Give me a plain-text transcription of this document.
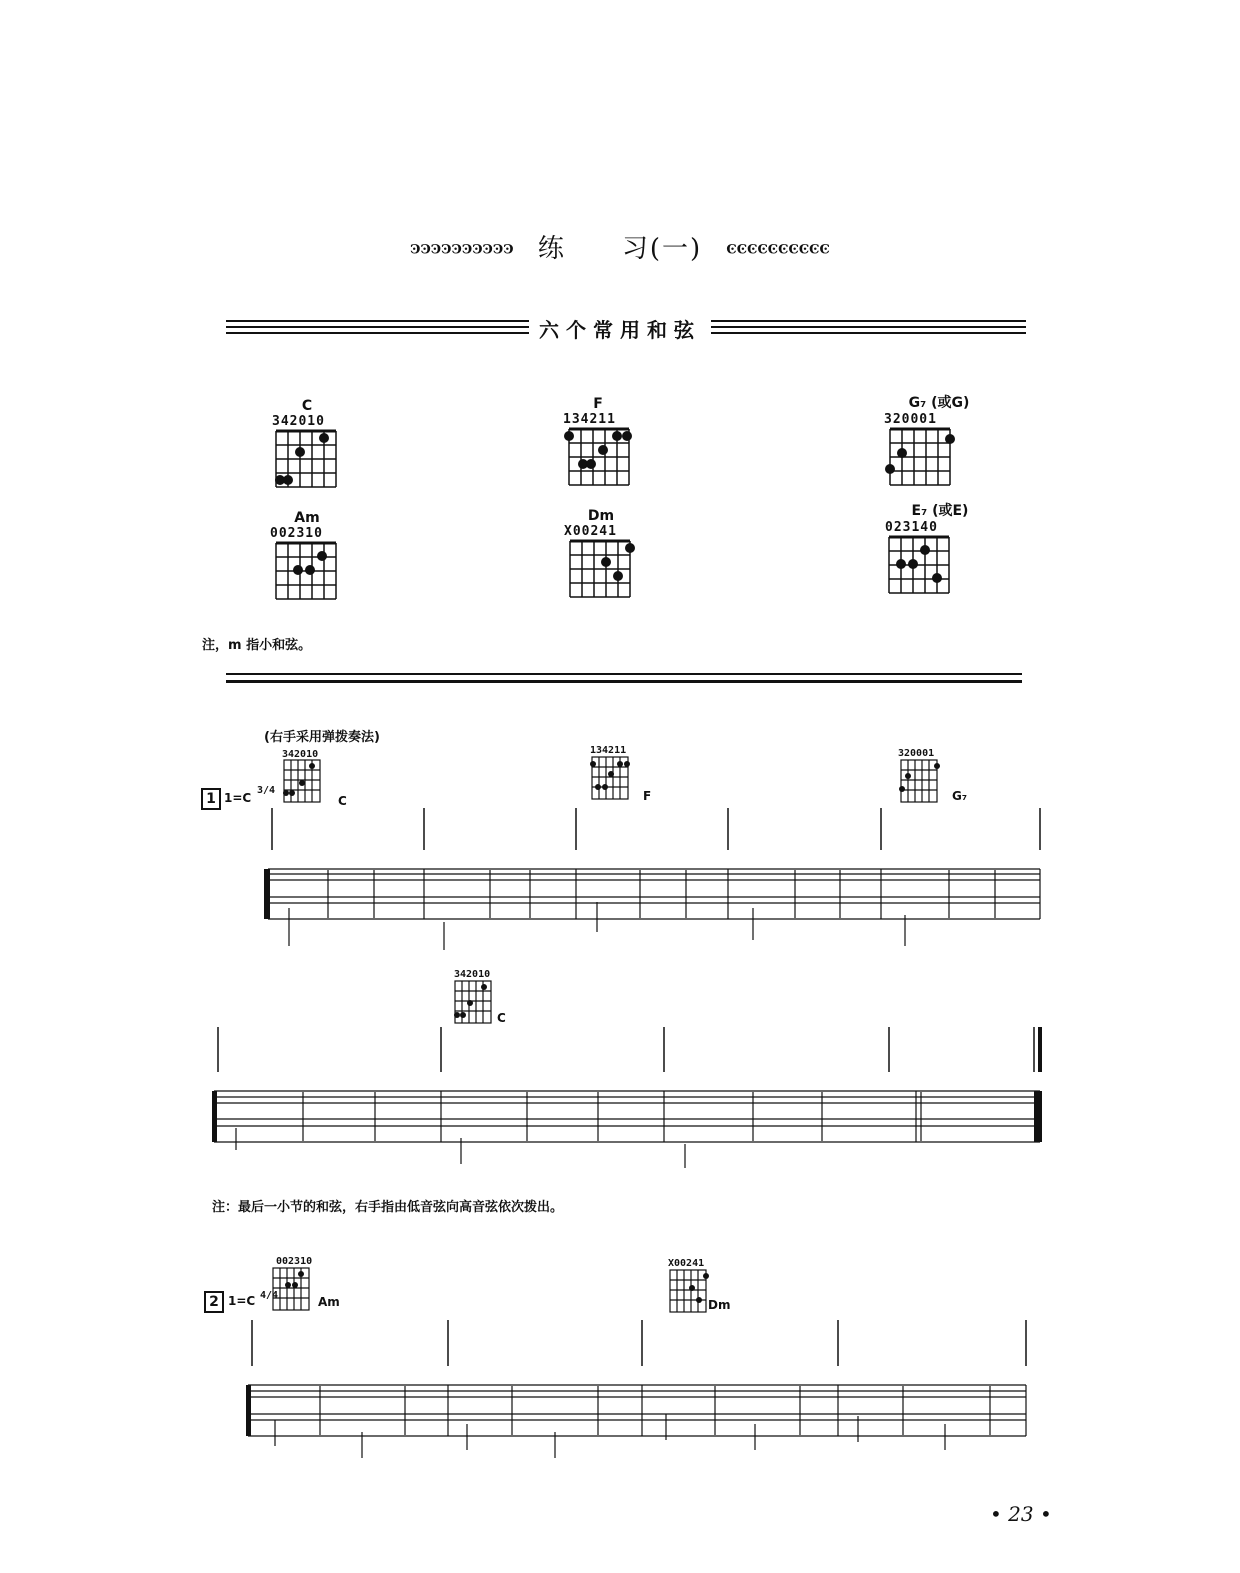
ϿϿϿϿϿϿϿϿϿϿ 练　　习(一) ϾϾϾϾϾϾϾϾϾϾ
六个常用和弦
C
342010
F
134211
G₇ (或G)
320001
Am
002310
Dm
X00241
E₇ (或E)
023140
注，m 指小和弦。
(右手采用弹拨奏法)
1 1=C
3/4
342010
C
134211
F
320001
G₇
342010
C
注：最后一小节的和弦，右手指由低音弦向高音弦依次拨出。
2 1=C 4/4
002310
Am
X00241
Dm
• 23 •
